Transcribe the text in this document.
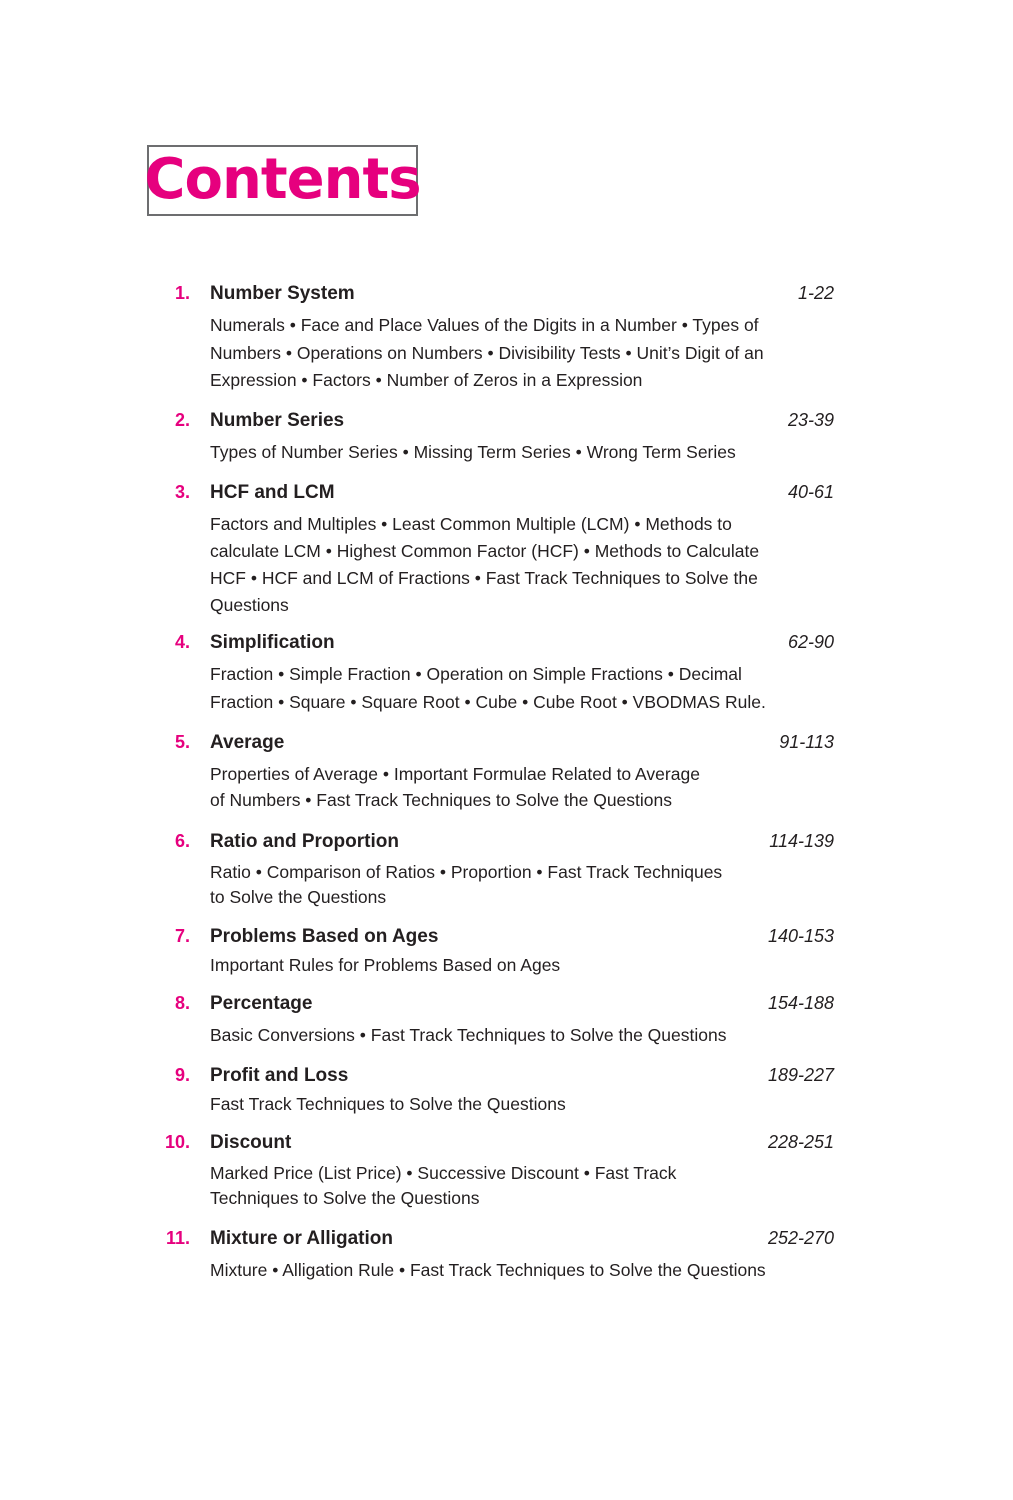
Contents
1. Number System	1-22
Numerals • Face and Place Values of the Digits in a Number • Types of
Numbers • Operations on Numbers • Divisibility Tests • Unit’s Digit of an
Expression • Factors • Number of Zeros in a Expression
2. Number Series	23-39
Types of Number Series • Missing Term Series • Wrong Term Series
3. HCF and LCM	40-61
Factors and Multiples • Least Common Multiple (LCM) • Methods to
calculate LCM • Highest Common Factor (HCF) • Methods to Calculate
HCF • HCF and LCM of Fractions • Fast Track Techniques to Solve the
Questions
4. Simplification	62-90
Fraction • Simple Fraction • Operation on Simple Fractions • Decimal
Fraction • Square • Square Root • Cube • Cube Root • VBODMAS Rule.
5. Average	91-113
Properties of Average • Important Formulae Related to Average
of Numbers • Fast Track Techniques to Solve the Questions
6. Ratio and Proportion	114-139
Ratio • Comparison of Ratios • Proportion • Fast Track Techniques
to Solve the Questions
7. Problems Based on Ages	140-153
Important Rules for Problems Based on Ages
8. Percentage	154-188
Basic Conversions • Fast Track Techniques to Solve the Questions
9. Profit and Loss	189-227
Fast Track Techniques to Solve the Questions
10. Discount	228-251
Marked Price (List Price) • Successive Discount • Fast Track
Techniques to Solve the Questions
11. Mixture or Alligation	252-270
Mixture • Alligation Rule • Fast Track Techniques to Solve the Questions
